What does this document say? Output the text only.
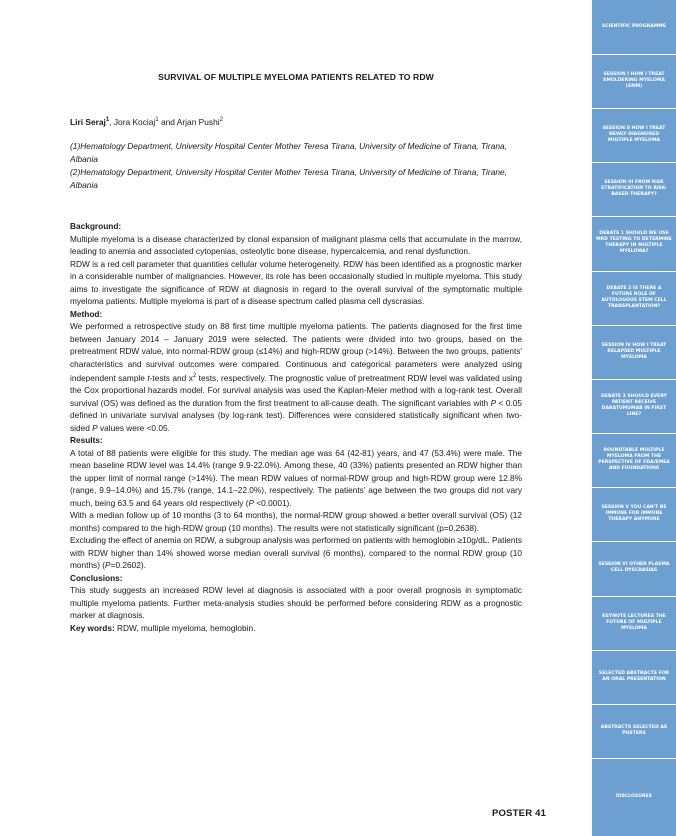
SURVIVAL OF MULTIPLE MYELOMA PATIENTS RELATED TO RDW
Liri Seraj$^1$, Jora Kociaj$^1$ and Arjan Pushi$^2$
(1)Hematology Department, University Hospital Center Mother Teresa Tirana, University of Medicine of Tirana, Tirana, Albania
(2)Hematology Department, University Hospital Center Mother Teresa Tirana, University of Medicine of Tirana, Tirane, Albania

Background:

Multiple myeloma is a disease characterized by clonal expansion of malignant plasma cells that accumulate in the marrow, leading to anemia and associated cytopenias, osteolytic bone disease, hypercalcemia, and renal dysfunction.

RDW is a red cell parameter that quantities cellular volume heterogeneity. RDW has been identified as a prognostic marker in a considerable number of malignancies. However, its role has been occasionally studied in multiple myeloma. This study aims to investigate the significance of RDW at diagnosis in regard to the overall survival of the symptomatic multiple myeloma patients. Multiple myeloma is part of a disease spectrum called plasma cell dyscrasias.

Method:

We performed a retrospective study on 88 first time multiple myeloma patients. The patients diagnosed for the first time between January 2014 – January 2019 were selected. The patients were divided into two groups, based on the pretreatment RDW value, into normal-RDW group (≤14%) and high-RDW group (>14%). Between the two groups, patients' characteristics and survival outcomes were compared. Continuous and categorical parameters were analyzed using independent sample t-tests and $x^2$ tests, respectively. The prognostic value of pretreatment RDW level was validated using the Cox proportional hazards model. For survival analysis was used the Kaplan-Meier method with a log-rank test. Overall survival (OS) was defined as the duration from the first treatment to all-cause death. The significant variables with P < 0.05 defined in univariate survival analyses (by log-rank test). Differences were considered statistically significant when two-sided P values were <0.05.

Results:

A total of 88 patients were eligible for this study. The median age was 64 (42-81) years, and 47 (53.4%) were male. The mean baseline RDW level was 14.4% (range 9.9-22.0%). Among these, 40 (33%) patients presented an RDW higher than the upper limit of normal range (>14%). The mean RDW values of normal-RDW group and high-RDW group were 12.8% (range, 9.9–14.0%) and 15.7% (range, 14.1–22.0%), respectively. The patients' age between the two groups did not vary much, being 63.5 and 64 years old respectively (P <0.0001).

With a median follow up of 10 months (3 to 64 months), the normal-RDW group showed a better overall survival (OS) (12 months) compared to the high-RDW group (10 months). The results were not statistically significant (p=0.2638).

Excluding the effect of anemia on RDW, a subgroup analysis was performed on patients with hemoglobin ≥10g/dL. Patients with RDW higher than 14% showed worse median overall survival (6 months), compared to the normal RDW group (10 months) (P=0.2602).

Conclusions:

This study suggests an increased RDW level at diagnosis is associated with a poor overall prognosis in symptomatic multiple myeloma patients. Further meta-analysis studies should be performed before considering RDW as a prognostic marker at diagnosis.

Key words: RDW, multiple myeloma, hemoglobin.

POSTER 41
SCIENTIFIC PROGRAMME
SESSION I HOW I TREAT SMOLDERING MYELOMA (SMM)
SESSION II HOW I TREAT NEWLY DIAGNOSED MULTIPLE MYELOMA
SESSION III FROM RISK STRATIFICATION TO RISK-BASED THERAPY?
DEBATE 1 SHOULD WE USE MRD TESTING TO DETERMINE THERAPY IN MULTIPLE MYELOMA?
DEBATE 2 IS THERE A FUTURE ROLE OF AUTOLOGOUS STEM CELL TRANSPLANTATION?
SESSION IV HOW I TREAT RELAPSED MULTIPLE MYELOMA
DEBATE 3 SHOULD EVERY PATIENT RECEIVE DARATUMUMAB IN FIRST LINE?
ROUNDTABLE MULTIPLE MYELOMA FROM THE PERSPECTIVE OF FDA/EMEA AND FOUNDATIONS
SESSION V YOU CAN'T BE IMMUNE FOR IMMUNE THERAPY ANYMORE
SESSION VI OTHER PLASMA CELL DYSCRASIAS
KEYNOTE LECTURES THE FUTURE OF MULTIPLE MYELOMA
SELECTED ABSTRACTS FOR AN ORAL PRESENTATION
ABSTRACTS SELECTED AS POSTERS
DISCLOSURES
